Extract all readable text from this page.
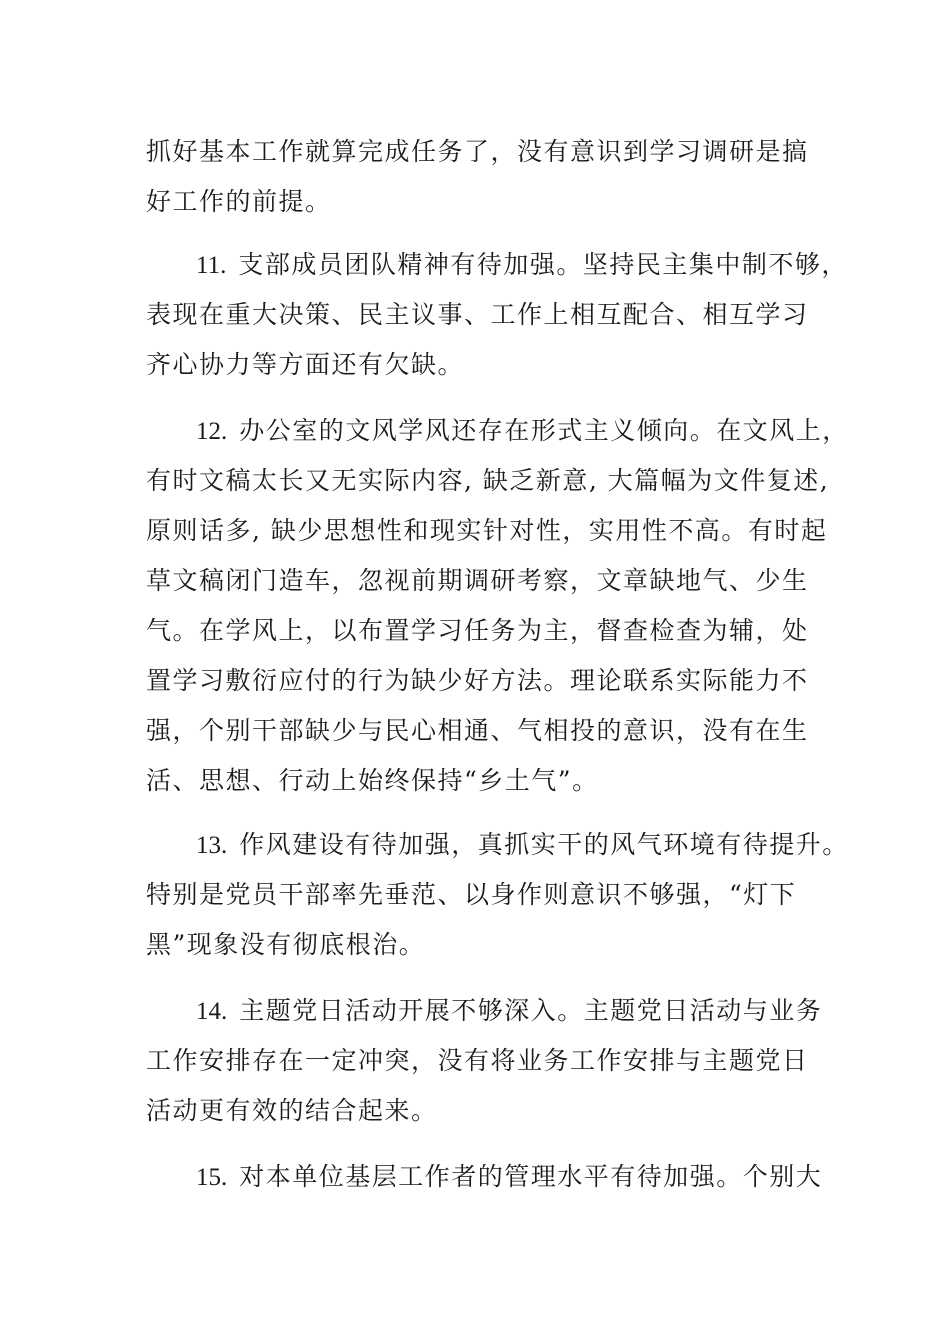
抓好基本工作就算完成任务了，没有意识到学习调研是搞
好工作的前提。
11. 支部成员团队精神有待加强。坚持民主集中制不够，
表现在重大决策、民主议事、工作上相互配合、相互学习
齐心协力等方面还有欠缺。
12. 办公室的文风学风还存在形式主义倾向。在文风上，
有时文稿太长又无实际内容, 缺乏新意, 大篇幅为文件复述,
原则话多, 缺少思想性和现实针对性，实用性不高。有时起
草文稿闭门造车，忽视前期调研考察，文章缺地气、少生
气。在学风上，以布置学习任务为主，督查检查为辅，处
置学习敷衍应付的行为缺少好方法。理论联系实际能力不
强，个别干部缺少与民心相通、气相投的意识，没有在生
活、思想、行动上始终保持“乡土气”。
13. 作风建设有待加强，真抓实干的风气环境有待提升。
特别是党员干部率先垂范、以身作则意识不够强，“灯下
黑”现象没有彻底根治。
14. 主题党日活动开展不够深入。主题党日活动与业务
工作安排存在一定冲突，没有将业务工作安排与主题党日
活动更有效的结合起来。
15. 对本单位基层工作者的管理水平有待加强。个别大
